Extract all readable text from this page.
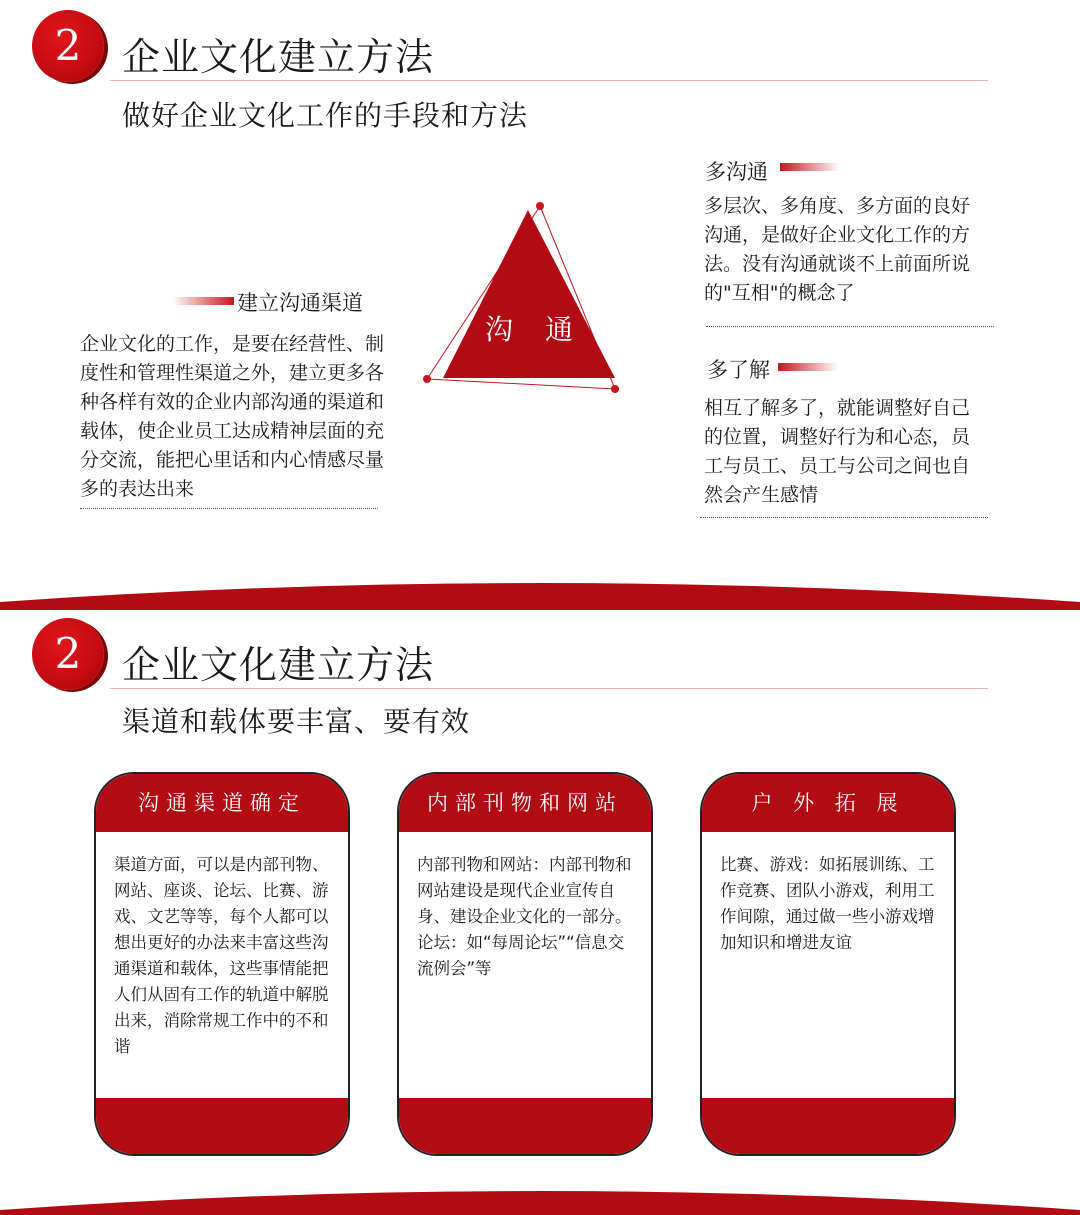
2	企业文化建立方法
做好企业文化工作的手段和方法
沟　通
建立沟通渠道
企业文化的工作，是要在经营性、制度性和管理性渠道之外，建立更多各种各样有效的企业内部沟通的渠道和载体，使企业员工达成精神层面的充分交流，能把心里话和内心情感尽量多的表达出来
多沟通
多层次、多角度、多方面的良好沟通，是做好企业文化工作的方法。没有沟通就谈不上前面所说的"互相"的概念了
多了解
相互了解多了，就能调整好自己的位置，调整好行为和心态，员工与员工、员工与公司之间也自然会产生感情
2	企业文化建立方法
渠道和载体要丰富、要有效
沟通渠道确定
渠道方面，可以是内部刊物、网站、座谈、论坛、比赛、游戏、文艺等等，每个人都可以想出更好的办法来丰富这些沟通渠道和载体，这些事情能把人们从固有工作的轨道中解脱出来，消除常规工作中的不和谐
内部刊物和网站
内部刊物和网站：内部刊物和网站建设是现代企业宣传自身、建设企业文化的一部分。
论坛：如“每周论坛”“信息交流例会”等
户 外 拓 展
比赛、游戏：如拓展训练、工作竞赛、团队小游戏，利用工作间隙，通过做一些小游戏增加知识和增进友谊
